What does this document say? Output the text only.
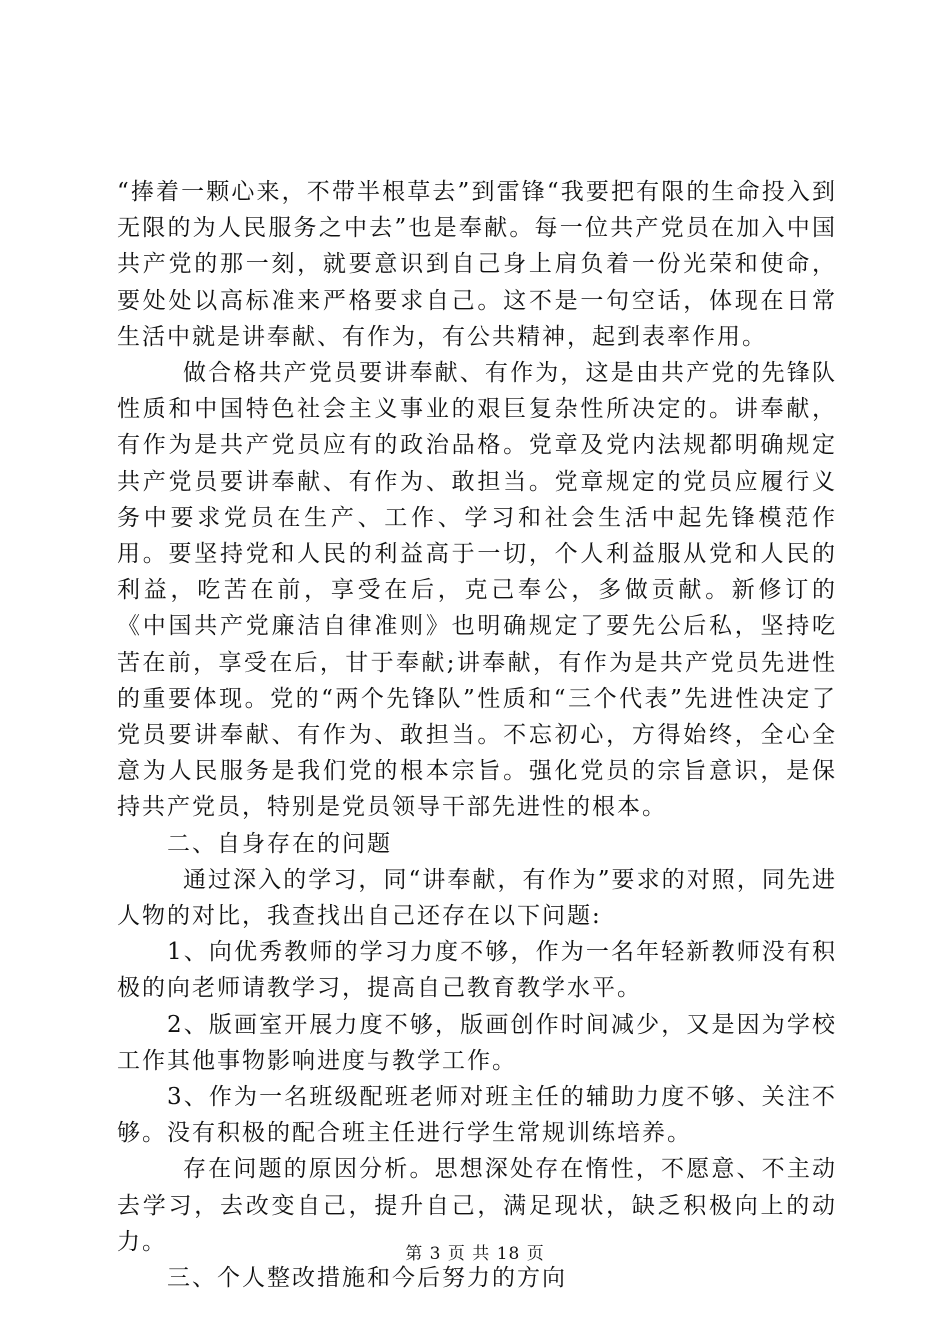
“捧着一颗心来，不带半根草去”到雷锋“我要把有限的生命投入到无限的为人民服务之中去”也是奉献。每一位共产党员在加入中国共产党的那一刻，就要意识到自己身上肩负着一份光荣和使命，要处处以高标准来严格要求自己。这不是一句空话，体现在日常生活中就是讲奉献、有作为，有公共精神，起到表率作用。

做合格共产党员要讲奉献、有作为，这是由共产党的先锋队性质和中国特色社会主义事业的艰巨复杂性所决定的。讲奉献，有作为是共产党员应有的政治品格。党章及党内法规都明确规定共产党员要讲奉献、有作为、敢担当。党章规定的党员应履行义务中要求党员在生产、工作、学习和社会生活中起先锋模范作用。要坚持党和人民的利益高于一切，个人利益服从党和人民的利益，吃苦在前，享受在后，克己奉公，多做贡献。新修订的《中国共产党廉洁自律准则》也明确规定了要先公后私，坚持吃苦在前，享受在后，甘于奉献;讲奉献，有作为是共产党员先进性的重要体现。党的“两个先锋队”性质和“三个代表”先进性决定了党员要讲奉献、有作为、敢担当。不忘初心，方得始终，全心全意为人民服务是我们党的根本宗旨。强化党员的宗旨意识，是保持共产党员，特别是党员领导干部先进性的根本。

二、自身存在的问题

通过深入的学习，同“讲奉献，有作为”要求的对照，同先进人物的对比，我查找出自己还存在以下问题:

1、向优秀教师的学习力度不够，作为一名年轻新教师没有积极的向老师请教学习，提高自己教育教学水平。

2、版画室开展力度不够，版画创作时间减少，又是因为学校工作其他事物影响进度与教学工作。

3、作为一名班级配班老师对班主任的辅助力度不够、关注不够。没有积极的配合班主任进行学生常规训练培养。

存在问题的原因分析。思想深处存在惰性，不愿意、不主动去学习，去改变自己，提升自己，满足现状，缺乏积极向上的动力。

三、个人整改措施和今后努力的方向

第 3 页 共 18 页
